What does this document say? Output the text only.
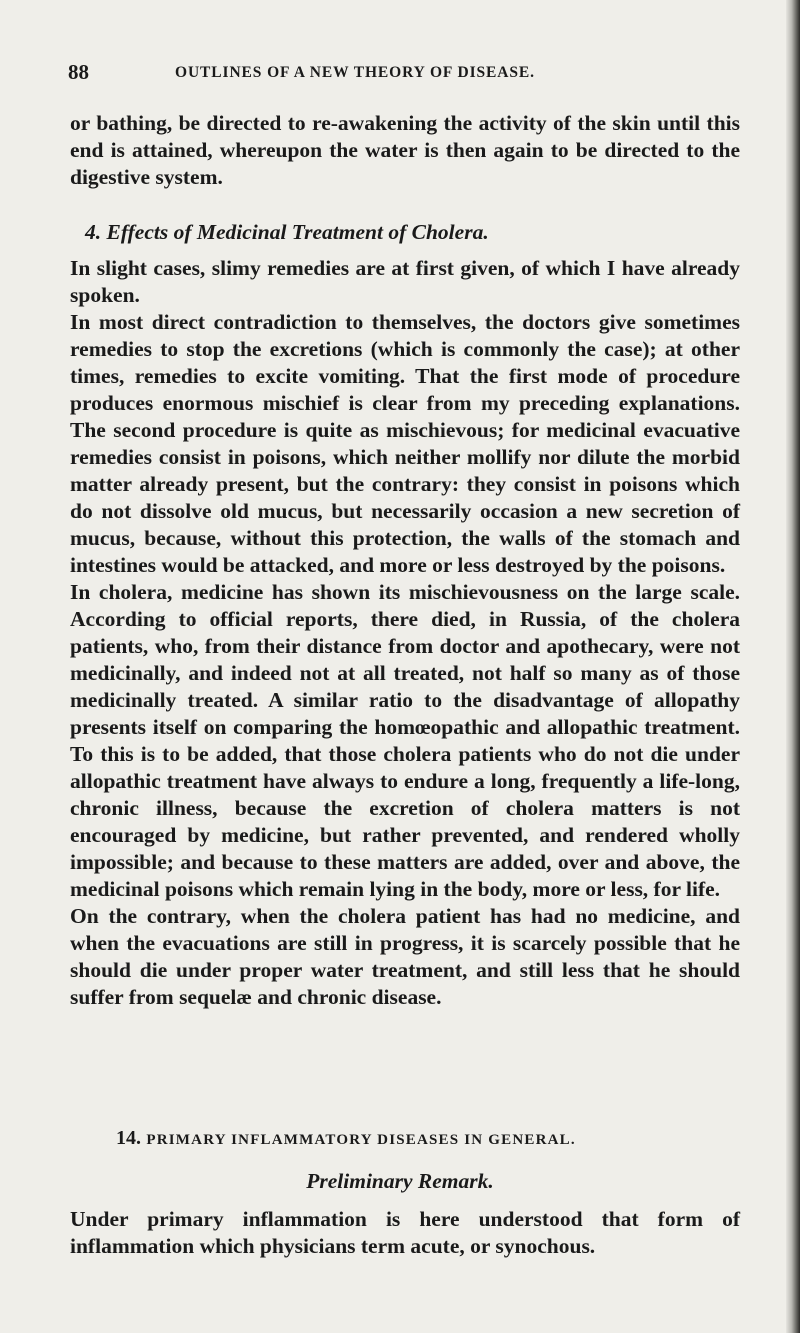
88	OUTLINES OF A NEW THEORY OF DISEASE.

or bathing, be directed to re-awakening the activity of the skin until this end is attained, whereupon the water is then again to be directed to the digestive system.

4. Effects of Medicinal Treatment of Cholera.

In slight cases, slimy remedies are at first given, of which I have already spoken.

In most direct contradiction to themselves, the doctors give sometimes remedies to stop the excretions (which is commonly the case); at other times, remedies to excite vomiting. That the first mode of procedure produces enormous mischief is clear from my preceding explanations. The second procedure is quite as mischievous; for medicinal evacuative remedies consist in poisons, which neither mollify nor dilute the morbid matter already present, but the contrary: they consist in poisons which do not dissolve old mucus, but necessarily occasion a new secretion of mucus, because, without this protection, the walls of the stomach and intestines would be attacked, and more or less destroyed by the poisons.

In cholera, medicine has shown its mischievousness on the large scale. According to official reports, there died, in Russia, of the cholera patients, who, from their distance from doctor and apothecary, were not medicinally, and indeed not at all treated, not half so many as of those medicinally treated. A similar ratio to the disadvantage of allopathy presents itself on comparing the homœopathic and allopathic treatment. To this is to be added, that those cholera patients who do not die under allopathic treatment have always to endure a long, frequently a life-long, chronic illness, because the excretion of cholera matters is not encouraged by medicine, but rather prevented, and rendered wholly impossible; and because to these matters are added, over and above, the medicinal poisons which remain lying in the body, more or less, for life.

On the contrary, when the cholera patient has had no medicine, and when the evacuations are still in progress, it is scarcely possible that he should die under proper water treatment, and still less that he should suffer from sequelæ and chronic disease.

14. PRIMARY INFLAMMATORY DISEASES IN GENERAL.

Preliminary Remark.

Under primary inflammation is here understood that form of inflammation which physicians term acute, or synochous.
